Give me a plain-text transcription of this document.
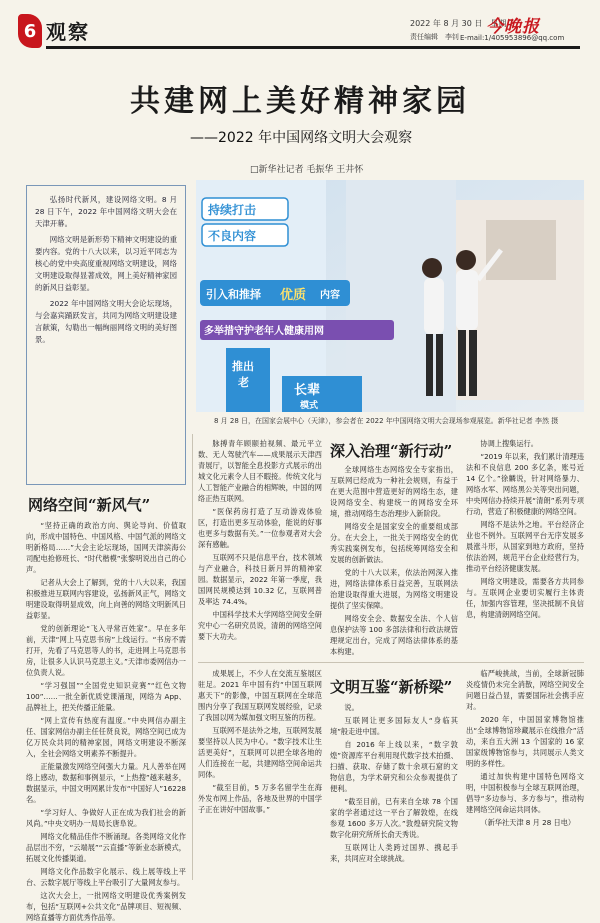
6 观察	2022 年 8 月 30 日　星期二
责任编辑　李钊 今晚报
E-mail:1/405953896@qq.com
共建网上美好精神家园
——2022 年中国网络文明大会观察
□新华社记者 毛振华 王井怀

弘扬时代新风，建设网络文明。8 月 28 日下午，2022 年中国网络文明大会在天津开幕。

网络文明是新形势下精神文明建设的重要内容。党的十八大以来，以习近平同志为核心的党中央高度重视网络文明建设，网络文明建设取得显著成效，网上美好精神家园的新风日益彰显。

2022 年中国网络文明大会论坛现场，与会嘉宾踊跃发言，共同为网络文明建设建言献策，勾勒出一幅绚丽网络文明的美好图景。

持续打击
不良内容
引入和推择 优质 内容
多举措守护老年人健康用网
推出
老
长辈
模式
8 月 28 日，在国家会展中心（天津），参会者在 2022 年中国网络文明大会现场参观展览。新华社记者 李然 摄
网络空间“新风气”

“坚持正确的政治方向、舆论导向、价值取向，形成中国特色、中国风格、中国气派的网络文明新格局……”大会主论坛现场，国网天津滨海公司配电抢修班长、“时代楷模”张黎明说出自己的心声。

记者从大会上了解到，党的十八大以来，我国积极推进互联网内容建设，弘扬新风正气，网络文明建设取得明显成效，向上向善的网络文明新风日益彰显。

党的创新理论“飞入寻常百姓家”。早在多年前，天津“网上马克思书房”上线运行。“书房不需打开，先看了马克思等人的书，走进网上马克思书房，让很多人认识马克思主义。”天津市委网信办一位负责人说。

“学习强国”“全国党史知识竞赛”“红色文物 100”……一批全新优质党课涌现，网络为 App、品牌社上，把关传播正能量。

“网上宣传有热度有温度。”中央网信办副主任、国家网信办副主任任贤良说，网络空间已成为亿万民众共同的精神家园，网络文明建设不断深入，全社会网络文明素养不断提升。

正能量激发网络空间强大力量。凡人善举在网络上感动，数据和事例显示，“上热搜”越来越多，数据显示，中国文明网累计发布“中国好人”16228名。

“学习好人、争做好人正在成为我们社会的新风尚。”中央文明办一局局长唐阜说。

网络文化精品佳作不断涌现。各类网络文化作品层出不穷，“云端展”“云直播”等新业态新模式，拓展文化传播渠道。

网络文化作品数字化展示、线上展等线上平台、云数字展厅等线上平台吸引了大量网友参与。

这次大会上，一批网络文明建设优秀案例发布，包括“互联网+公共文化”品牌项目、短视频、网络直播等方面优秀作品等。

脉搏青年顾颐拍视频、最元平立数、无人驾驶汽车——成果展示天津西青展厅，以智能全息投影方式展示的出城文化元素令人目不暇接。传统文化与人工智能产业融合的相辉映，中国的网络正热互联网。

“医保药房打造了互动游戏体验区，打造出更多互动体验，能说的好事也更多与数据有关。”一位参观者对大会深有感触。

互联网不只是信息平台，技术领域与产业融合，科技日新月异的精神家园。数据显示，2022 年第一季度，我国网民规模达到 10.32 亿，互联网普及率达 74.4%。

中国科学技术大学网络空间安全研究中心一名研究员说，清朗的网络空间要下大功夫。

深入治理“新行动”

全球网络生态网络安全专家指出，互联网已经成为一种社会规则，有益于在更大范围中营造更好的网络生态，建设网络安全、构建统一的网络安全环境，推动网络生态治理步入新阶段。

网络安全是国家安全的重要组成部分。在大会上，一批关于网络安全的优秀实践案例发布，包括统筹网络安全和发展的创新做法。

党的十八大以来，依法治网深入推进，网络法律体系日益完善，互联网法治建设取得重大进展，为网络文明建设提供了坚实保障。

网络安全会、数据安全法、个人信息保护法等 100 多部法律和行政法规管理规定出台，完成了网络法律体系的基本构建。

协调上搜集运行。

“2019 年以来，我们累计清理违法和不良信息 200 多亿条，账号近 14 亿个。”徐麟说，针对网络暴力、网络水军、网络黑公关等突出问题，中央网信办持续开展“清朗”系列专项行动，营造了积极健康的网络空间。

网络不是法外之地。平台经济企业也不例外。互联网平台无序发展多晨涨斗形，从国家到地方政府，坚持依法治网，规范平台企业经营行为，推动平台经济健康发展。

网络文明建设，需要各方共同参与。互联网企业要切实履行主体责任，加强内容管理，坚决抵制不良信息，构建清朗网络空间。

成果展上，不少人在交流互鉴展区驻足。2021 年中国有约“中国互联网惠天下”的影像，中国互联网在全球范围内分享了我国互联网发展经验，记录了我国以网为媒加强文明互鉴的历程。

互联网不是法外之地，互联网发展要坚持以人民为中心。“数字技术让生活更美好”，互联网可以把全球各地的人们连接在一起，共建网络空间命运共同体。

“截至目前，5 万多名留学生在海外发布网上作品，各地及世界的中国学子正在讲好中国故事。”

文明互鉴“新桥梁”

说。

互联网让更多国际友人“身临其境”般走进中国。

自 2016 年上线以来，“数字敦煌”资源库平台利用现代数字技术拍摄、扫描、获取、存储了数十余项石窟的文物信息，为学术研究和公众参观提供了便利。

“截至目前，已有来自全球 78 个国家的学者通过这一平台了解敦煌，在线参观 1600 多万人次。”敦煌研究院文物数字化研究所所长俞天秀说。

互联网让人类跨过国界、携起手来，共同应对全球挑战。

临严峻挑战，当前，全球新冠肺炎疫情仍未完全消散，网络空间安全问题日益凸显，需要国际社会携手应对。

2020 年，中国国家博物馆推出“全球博物馆珍藏展示在线推介”活动，来自五大洲 13 个国家的 16 家国家级博物馆参与，共同展示人类文明的多样性。

通过加快构建中国特色网络文明，中国积极参与全球互联网治理，倡导“多边参与、多方参与”，推动构建网络空间命运共同体。

（新华社天津 8 月 28 日电）
